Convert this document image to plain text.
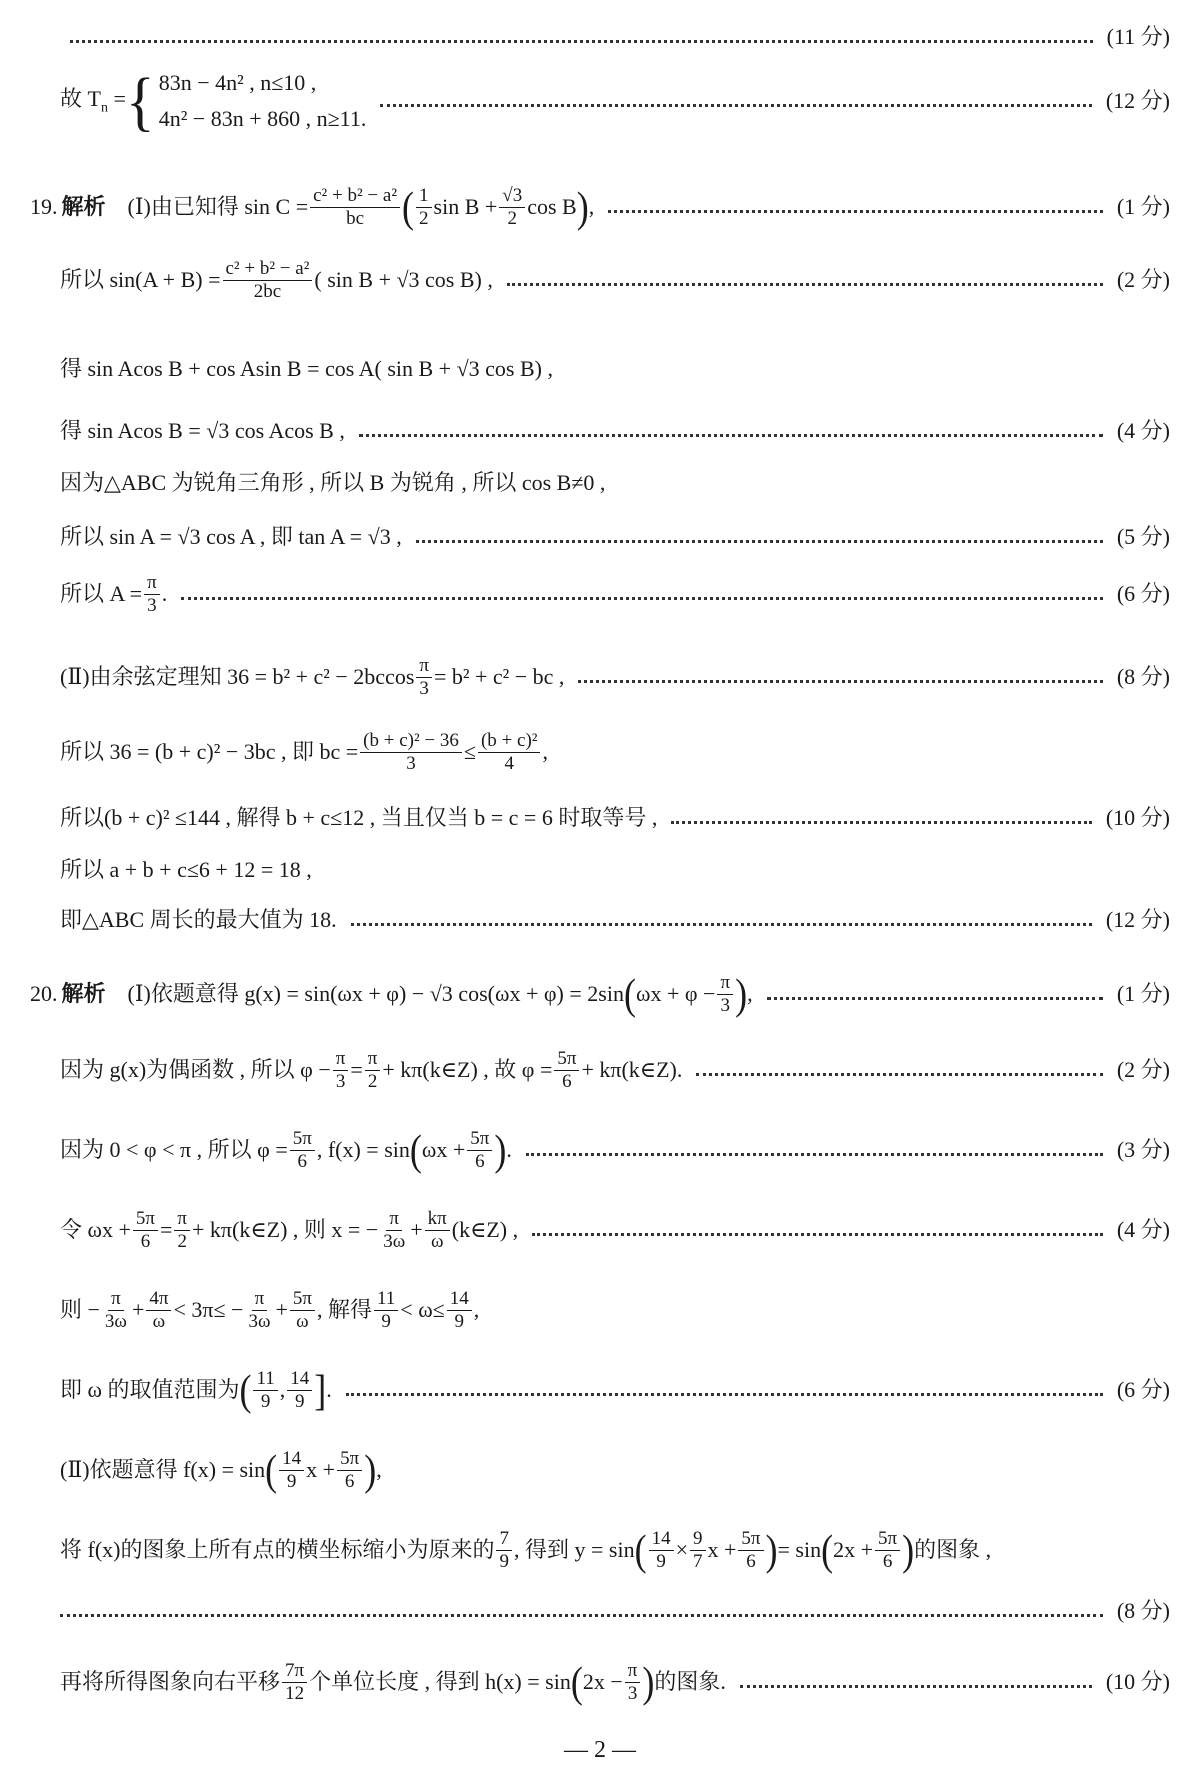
(11 分)
故 $T_n$ = { 83n − 4n² , n≤10 ,
4n² − 83n + 860 , n≥11.
(12 分)
19. 解析 (Ⅰ)由已知得 $\sin C = \frac{\text{c² + b² − a²}}{bc}$ ( $\frac{1}{2}$ $\sin B + \frac{√3}{2}$ cos B ) ,	(1 分)
所以 $\sin(A + B) = \frac{\text{c² + b² − a²}}{2bc}$ ( sin B + √3 cos B) ,	(2 分)
得 sin Acos B + cos Asin B = cos A( sin B + √3 cos B) ,
得 sin Acos B = √3 cos Acos B ,	(4 分)
因为△ABC 为锐角三角形 , 所以 B 为锐角 , 所以 cos B≠0 ,
所以 sin A = √3 cos A , 即 tan A = √3 ,	(5 分)
所以 $A = \frac{\pi}{3}$ .	(6 分)
(Ⅱ)由余弦定理知 $36 = b^2 + c^2 - 2bccos \frac{\pi}{3} = b^2 + c^2$ − bc ,	(8 分)
所以 36 = (b + c)² − 3bc , 即 bc = $\frac{\text{(b + c)² − 36}}{3} \le \frac{\text{(b + c)²}}{4}$ ,
所以(b + c)² ≤144 , 解得 b + c≤12 , 当且仅当 b = c = 6 时取等号 ,	(10 分)
所以 a + b + c≤6 + 12 = 18 ,
即△ABC 周长的最大值为 18.	(12 分)
20. 解析 (Ⅰ)依题意得 g(x) = sin(ωx + φ) − √3 cos(ωx + φ) = 2sin ( $\omega x + \varphi - \frac{\pi}{3}$ ) ,	(1 分)
因为 g(x)为偶函数 , 所以 $\varphi - \frac{\pi}{3} = \frac{\pi}{2}$ + kπ(k∈Z) , 故 $\varphi = \frac{5\pi}{6}$ + kπ(k∈Z).	(2 分)
因为 0 < φ < π , 所以 $\varphi = \frac{5\pi}{6}$ , f(x) = sin ( $\omega x + \frac{5\pi}{6}$ ) .	(3 分)
令 $\omega x + \frac{5\pi}{6} = \frac{\pi}{2}$ + kπ(k∈Z) , 则 x = − $\frac{\pi}{3\omega} + \frac{k\pi}{\omega}$ (k∈Z) ,	(4 分)
则 − $\frac{\pi}{3\omega} + \frac{4\pi}{\omega} < 3\pi\le - \frac{\pi}{3\omega} + \frac{5\pi}{\omega}$ , 解得 $\frac{11}{9} < \omega\le \frac{14}{9}$ ,
即 ω 的取值范围为 ( $\frac{11}{9}$ , $\frac{14}{9}$ ] .	(6 分)
(Ⅱ)依题意得 f(x) = sin ( $\frac{14}{9}$ $x + \frac{5\pi}{6}$ ) ,
将 f(x)的图象上所有点的横坐标缩小为原来的 $\frac{7}{9}$ , 得到 y = sin ( $\frac{14}{9} \times \frac{9}{7}$ $x + \frac{5\pi}{6}$ ) = sin ( $2x + \frac{5\pi}{6}$ ) 的图象 ,
(8 分)
再将所得图象向右平移 $\frac{7\pi}{12}$ 个单位长度 , 得到 h(x) = sin ( $2x - \frac{\pi}{3}$ ) 的图象.	(10 分)
— 2 —
